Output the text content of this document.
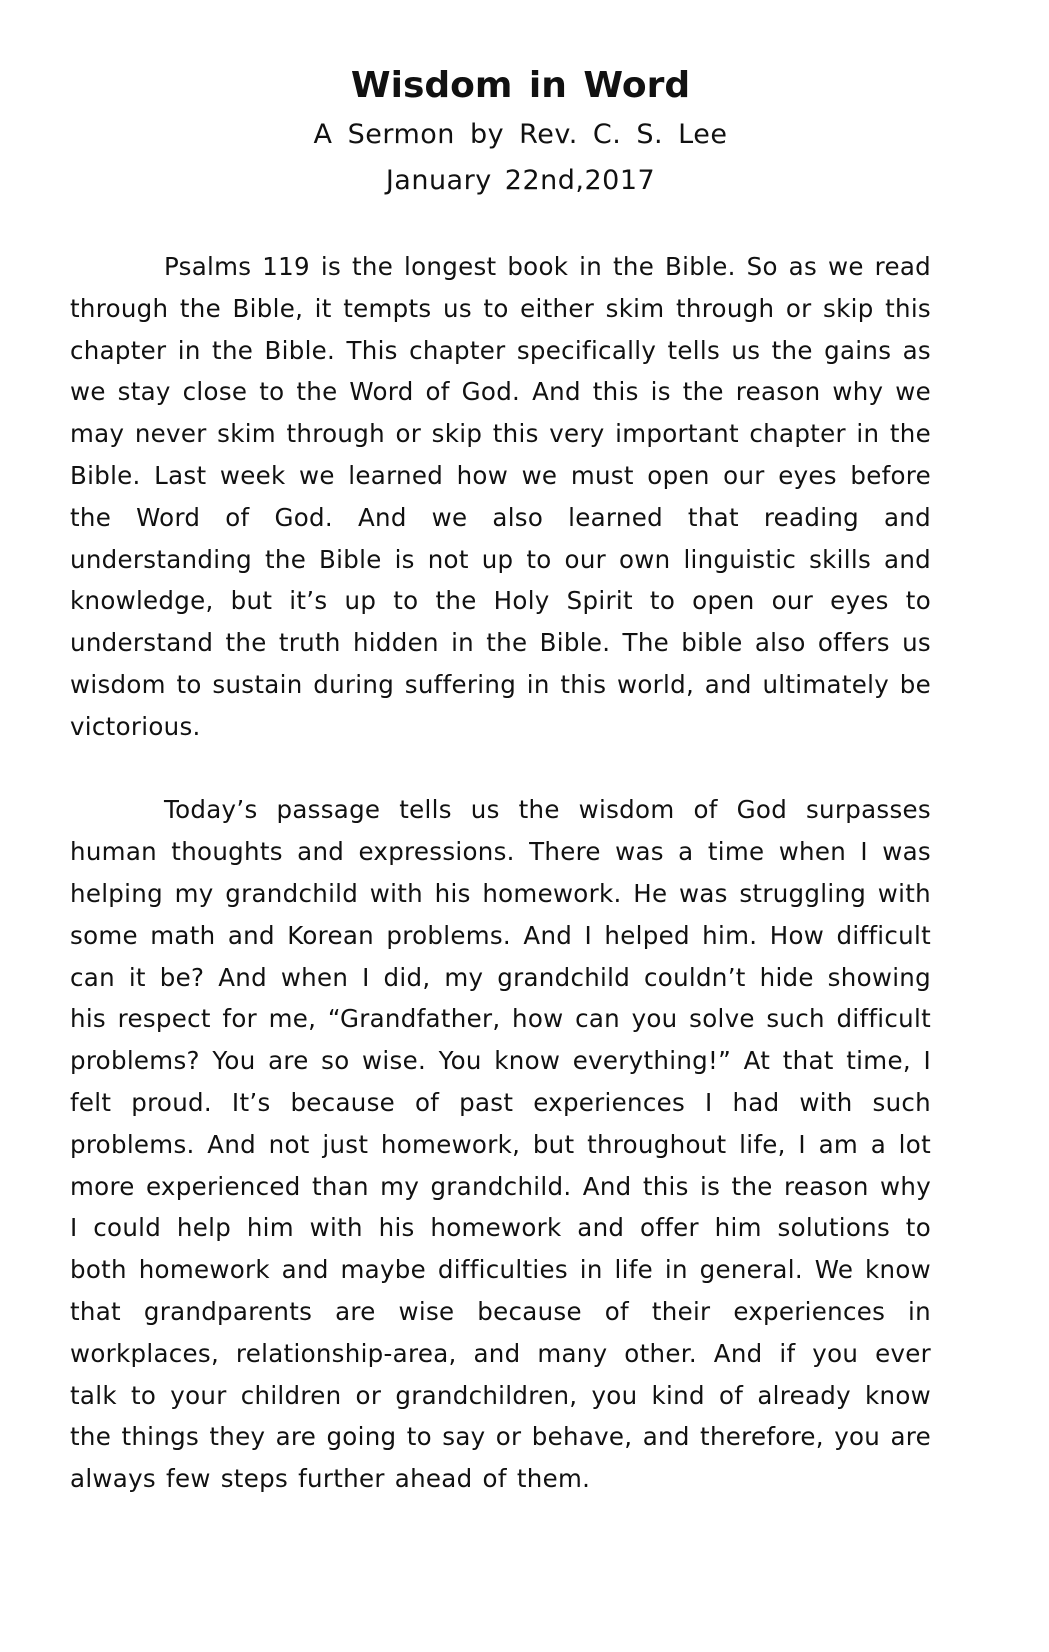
Wisdom in Word

A Sermon by Rev. C. S. Lee

January 22nd,2017

Psalms 119 is the longest book in the Bible. So as we read through the Bible, it tempts us to either skim through or skip this chapter in the Bible. This chapter specifically tells us the gains as we stay close to the Word of God. And this is the reason why we may never skim through or skip this very important chapter in the Bible. Last week we learned how we must open our eyes before the Word of God. And we also learned that reading and understanding the Bible is not up to our own linguistic skills and knowledge, but it’s up to the Holy Spirit to open our eyes to understand the truth hidden in the Bible. The bible also offers us wisdom to sustain during suffering in this world, and ultimately be victorious.

Today’s passage tells us the wisdom of God surpasses human thoughts and expressions. There was a time when I was helping my grandchild with his homework. He was struggling with some math and Korean problems. And I helped him. How difficult can it be? And when I did, my grandchild couldn’t hide showing his respect for me, “Grandfather, how can you solve such difficult problems? You are so wise. You know everything!” At that time, I felt proud. It’s because of past experiences I had with such problems. And not just homework, but throughout life, I am a lot more experienced than my grandchild. And this is the reason why I could help him with his homework and offer him solutions to both homework and maybe difficulties in life in general. We know that grandparents are wise because of their experiences in workplaces, relationship-area, and many other. And if you ever talk to your children or grandchildren, you kind of already know the things they are going to say or behave, and therefore, you are always few steps further ahead of them.
